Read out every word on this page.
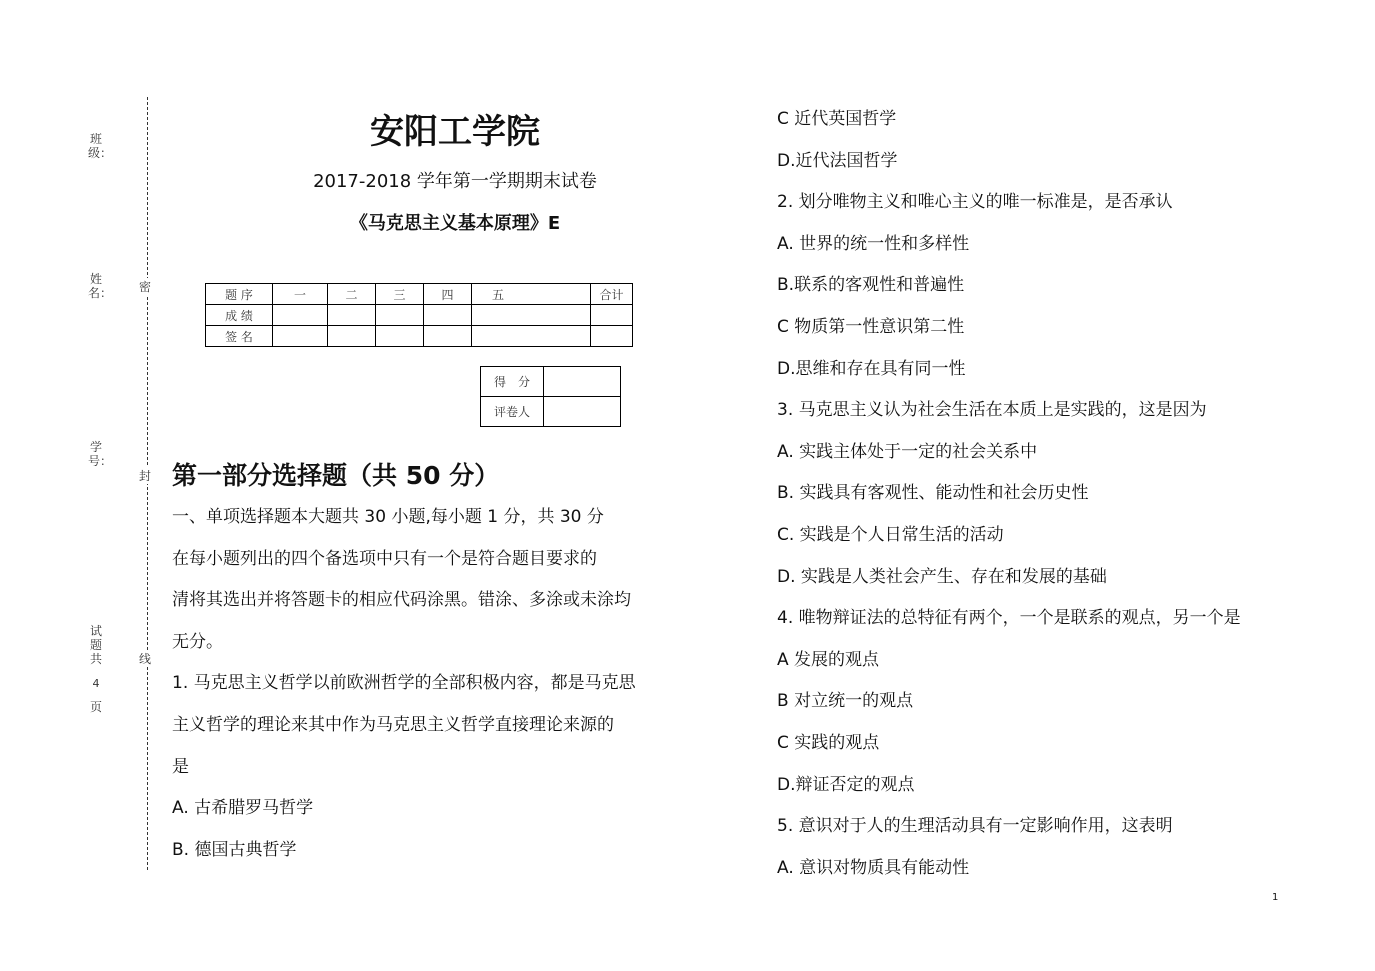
班级：
姓名：
学号：
试题共
4
页
密
封
线
安阳工学院
2017-2018 学年第一学期期末试卷
《马克思主义基本原理》E
题 序	一	二	三	四	五	合计
成 绩						
签 名						
得　分	
评卷人	
第一部分选择题（共 50 分）
1
一、单项选择题本大题共 30 小题,每小题 1 分，共 30 分
在每小题列出的四个备选项中只有一个是符合题目要求的
清将其选出并将答题卡的相应代码涂黑。错涂、多涂或未涂均
无分。
1. 马克思主义哲学以前欧洲哲学的全部积极内容，都是马克思
主义哲学的理论来其中作为马克思主义哲学直接理论来源的
是
A. 古希腊罗马哲学
B. 德国古典哲学
C 近代英国哲学
D.近代法国哲学
2. 划分唯物主义和唯心主义的唯一标准是，是否承认
A. 世界的统一性和多样性
B.联系的客观性和普遍性
C 物质第一性意识第二性
D.思维和存在具有同一性
3. 马克思主义认为社会生活在本质上是实践的，这是因为
A. 实践主体处于一定的社会关系中
B. 实践具有客观性、能动性和社会历史性
C. 实践是个人日常生活的活动
D. 实践是人类社会产生、存在和发展的基础
4. 唯物辩证法的总特征有两个，一个是联系的观点，另一个是
A 发展的观点
B 对立统一的观点
C 实践的观点
D.辩证否定的观点
5. 意识对于人的生理活动具有一定影响作用，这表明
A. 意识对物质具有能动性
